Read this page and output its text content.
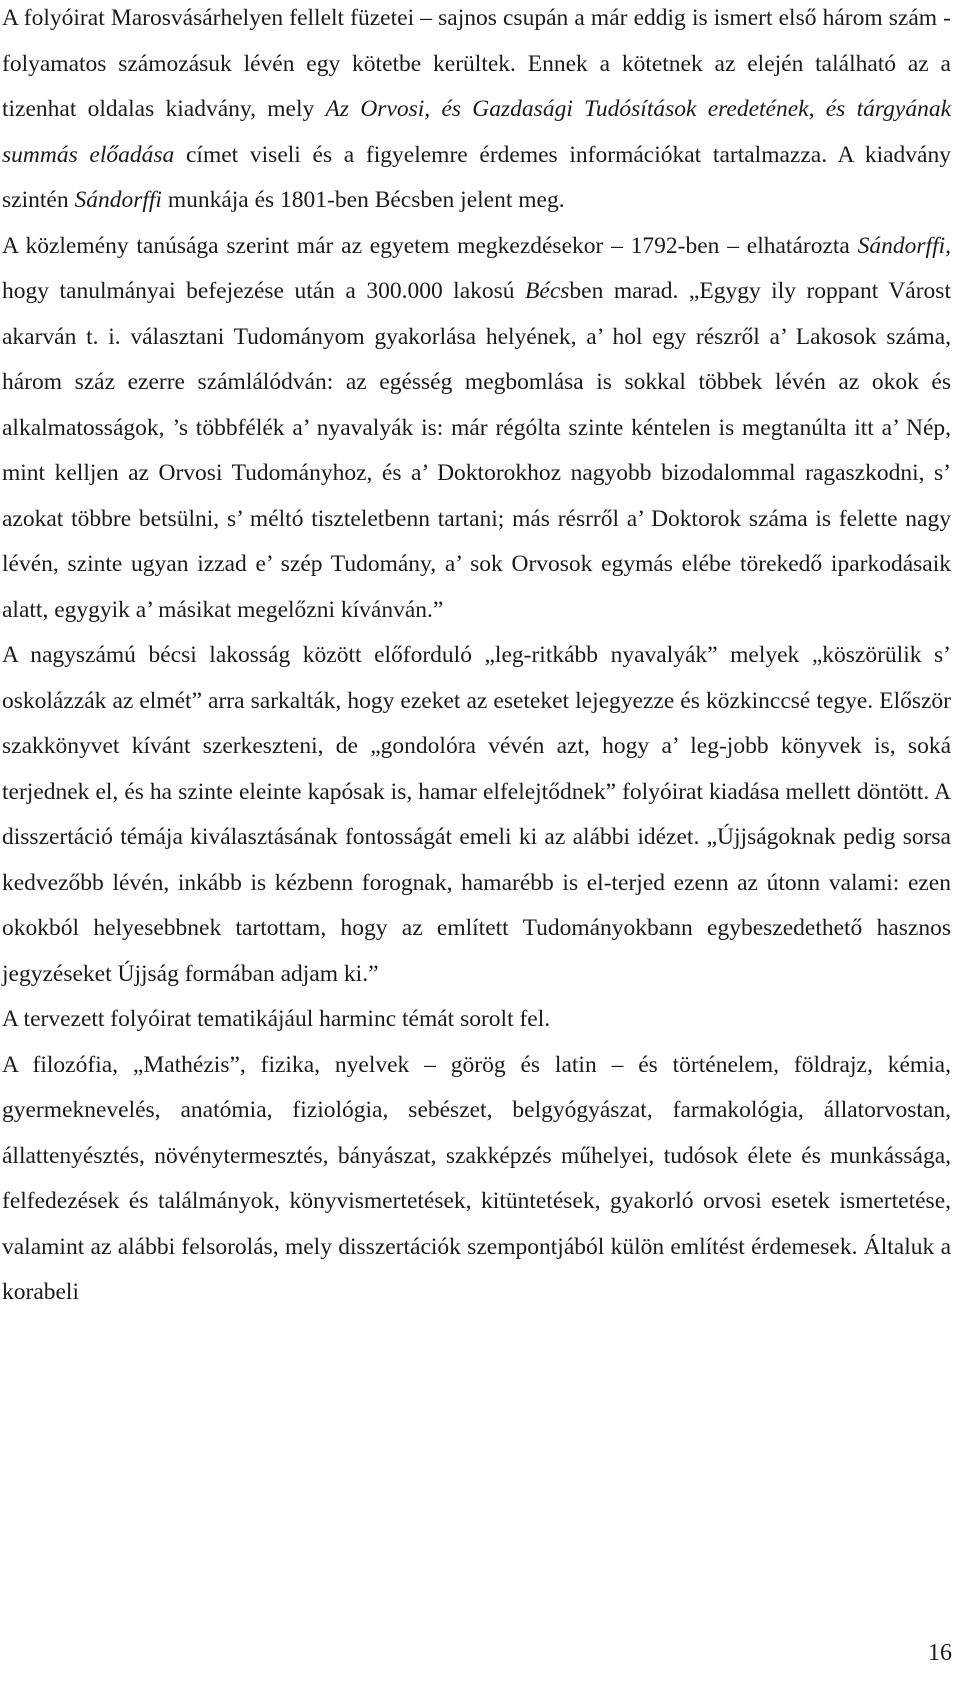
A folyóirat Marosvásárhelyen fellelt füzetei – sajnos csupán a már eddig is ismert első három szám - folyamatos számozásuk lévén egy kötetbe kerültek. Ennek a kötetnek az elején található az a tizenhat oldalas kiadvány, mely Az Orvosi, és Gazdasági Tudósítások eredetének, és tárgyának summás előadása címet viseli és a figyelemre érdemes információkat tartalmazza. A kiadvány szintén Sándorffi munkája és 1801-ben Bécsben jelent meg.

A közlemény tanúsága szerint már az egyetem megkezdésekor – 1792-ben – elhatározta Sándorffi, hogy tanulmányai befejezése után a 300.000 lakosú Bécsben marad. „Egygy ily roppant Várost akarván t. i. választani Tudományom gyakorlása helyének, a’ hol egy részről a’ Lakosok száma, három száz ezerre számlálódván: az egésség megbomlása is sokkal többek lévén az okok és alkalmatosságok, ’s többfélék a’ nyavalyák is: már régólta szinte kéntelen is megtanúlta itt a’ Nép, mint kelljen az Orvosi Tudományhoz, és a’ Doktorokhoz nagyobb bizodalommal ragaszkodni, s’ azokat többre betsülni, s’ méltó tiszteletbenn tartani; más résrről a’ Doktorok száma is felette nagy lévén, szinte ugyan izzad e’ szép Tudomány, a’ sok Orvosok egymás elébe törekedő iparkodásaik alatt, egygyik a’ másikat megelőzni kívánván.”

A nagyszámú bécsi lakosság között előforduló „leg-ritkább nyavalyák” melyek „köszörülik s’ oskolázzák az elmét” arra sarkalták, hogy ezeket az eseteket lejegyezze és közkinccsé tegye. Először szakkönyvet kívánt szerkeszteni, de „gondolóra vévén azt, hogy a’ leg-jobb könyvek is, soká terjednek el, és ha szinte eleinte kapósak is, hamar elfelejtődnek” folyóirat kiadása mellett döntött. A disszertáció témája kiválasztásának fontosságát emeli ki az alábbi idézet. „Újjságoknak pedig sorsa kedvezőbb lévén, inkább is kézbenn forognak, hamarébb is el-terjed ezenn az útonn valami: ezen okokból helyesebbnek tartottam, hogy az említett Tudományokbann egybeszedethető hasznos jegyzéseket Újjság formában adjam ki.”

A tervezett folyóirat tematikájául harminc témát sorolt fel.

A filozófia, „Mathézis”, fizika, nyelvek – görög és latin – és történelem, földrajz, kémia, gyermeknevelés, anatómia, fiziológia, sebészet, belgyógyászat, farmakológia, állatorvostan, állattenyésztés, növénytermesztés, bányászat, szakképzés műhelyei, tudósok élete és munkássága, felfedezések és találmányok, könyvismertetések, kitüntetések, gyakorló orvosi esetek ismertetése, valamint az alábbi felsorolás, mely disszertációk szempontjából külön említést érdemesek. Általuk a korabeli

16
